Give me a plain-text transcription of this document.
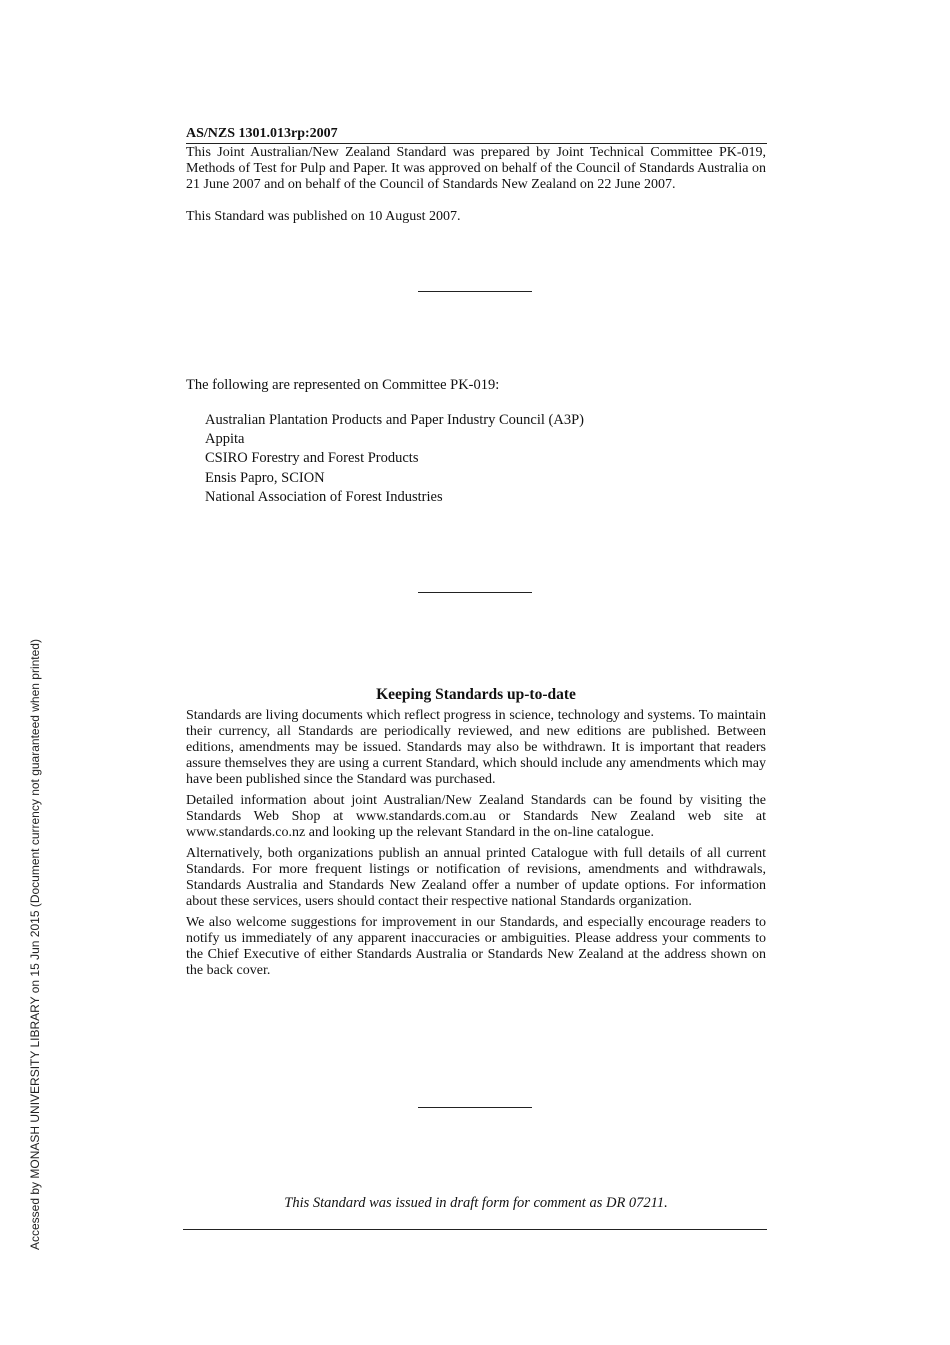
AS/NZS 1301.013rp:2007
This Joint Australian/New Zealand Standard was prepared by Joint Technical Committee PK-019, Methods of Test for Pulp and Paper. It was approved on behalf of the Council of Standards Australia on 21 June 2007 and on behalf of the Council of Standards New Zealand on 22 June 2007.
This Standard was published on 10 August 2007.
The following are represented on Committee PK-019:
Australian Plantation Products and Paper Industry Council (A3P)
Appita
CSIRO Forestry and Forest Products
Ensis Papro, SCION
National Association of Forest Industries
Keeping Standards up-to-date

Standards are living documents which reflect progress in science, technology and systems. To maintain their currency, all Standards are periodically reviewed, and new editions are published. Between editions, amendments may be issued. Standards may also be withdrawn. It is important that readers assure themselves they are using a current Standard, which should include any amendments which may have been published since the Standard was purchased.

Detailed information about joint Australian/New Zealand Standards can be found by visiting the Standards Web Shop at www.standards.com.au or Standards New Zealand web site at www.standards.co.nz and looking up the relevant Standard in the on-line catalogue.

Alternatively, both organizations publish an annual printed Catalogue with full details of all current Standards. For more frequent listings or notification of revisions, amendments and withdrawals, Standards Australia and Standards New Zealand offer a number of update options. For information about these services, users should contact their respective national Standards organization.

We also welcome suggestions for improvement in our Standards, and especially encourage readers to notify us immediately of any apparent inaccuracies or ambiguities. Please address your comments to the Chief Executive of either Standards Australia or Standards New Zealand at the address shown on the back cover.

This Standard was issued in draft form for comment as DR 07211.
Accessed by MONASH UNIVERSITY LIBRARY on 15 Jun 2015 (Document currency not guaranteed when printed)
